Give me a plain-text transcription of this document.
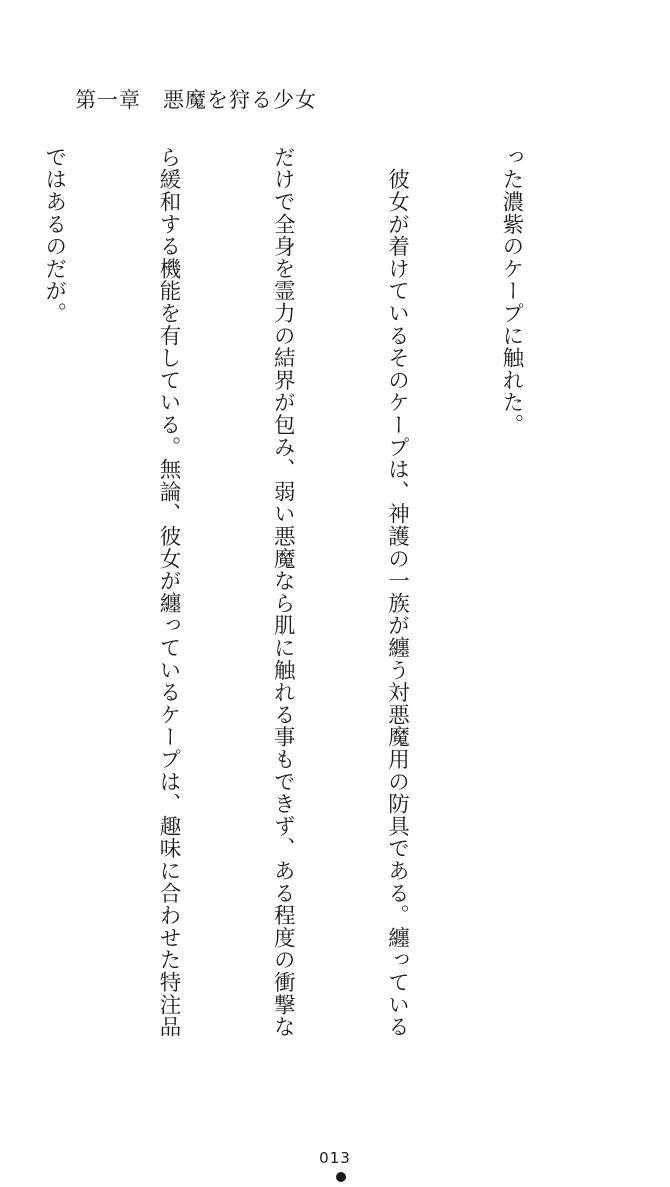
第一章　悪魔を狩る少女

った濃紫のケープに触れた。

　彼女が着けているそのケープは、神護の一族が纏う対悪魔用の防具である。纏っている

だけで全身を霊力の結界が包み、弱い悪魔なら肌に触れる事もできず、ある程度の衝撃な

ら緩和する機能を有している。無論、彼女が纏っているケープは、趣味に合わせた特注品

ではあるのだが。

013
